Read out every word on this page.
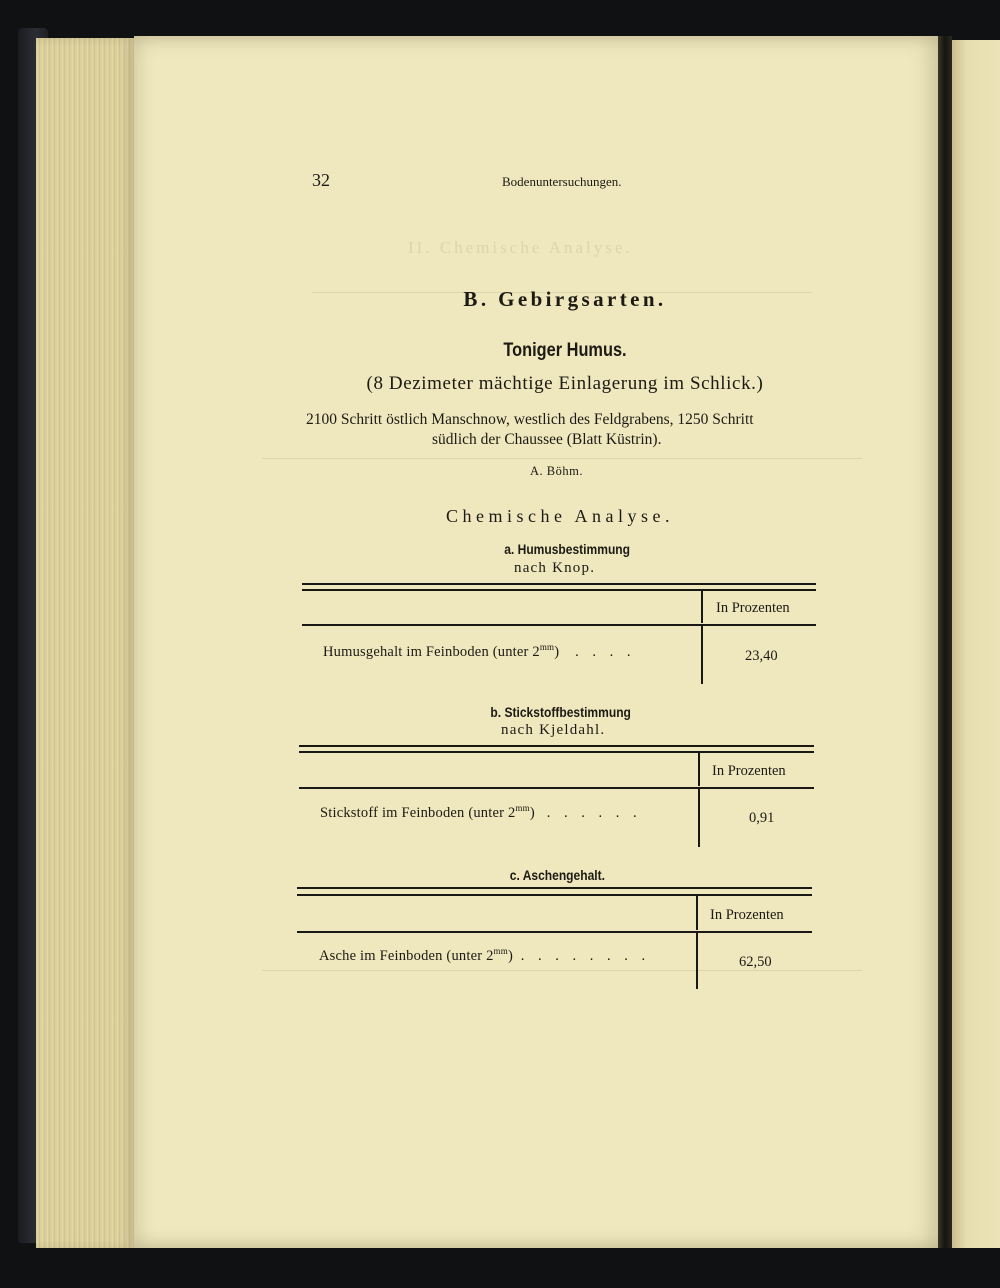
II. Chemische Analyse.
32	Bodenuntersuchungen.
B. Gebirgsarten.
Toniger Humus.
(8 Dezimeter mächtige Einlagerung im Schlick.)
2100 Schritt östlich Manschnow, westlich des Feldgrabens, 1250 Schritt
südlich der Chaussee (Blatt Küstrin).
A. Böhm.
Chemische Analyse.
a. Humusbestimmung
nach Knop.
In Prozenten
Humusgehalt im Feinboden (unter $2^{mm}$) . . . .	23,40
b. Stickstoffbestimmung
nach Kjeldahl.
In Prozenten
Stickstoff im Feinboden (unter $2^{mm}$) . . . . . .	0,91
c. Aschengehalt.
In Prozenten
Asche im Feinboden (unter $2^{mm}$) . . . . . . . .	62,50
